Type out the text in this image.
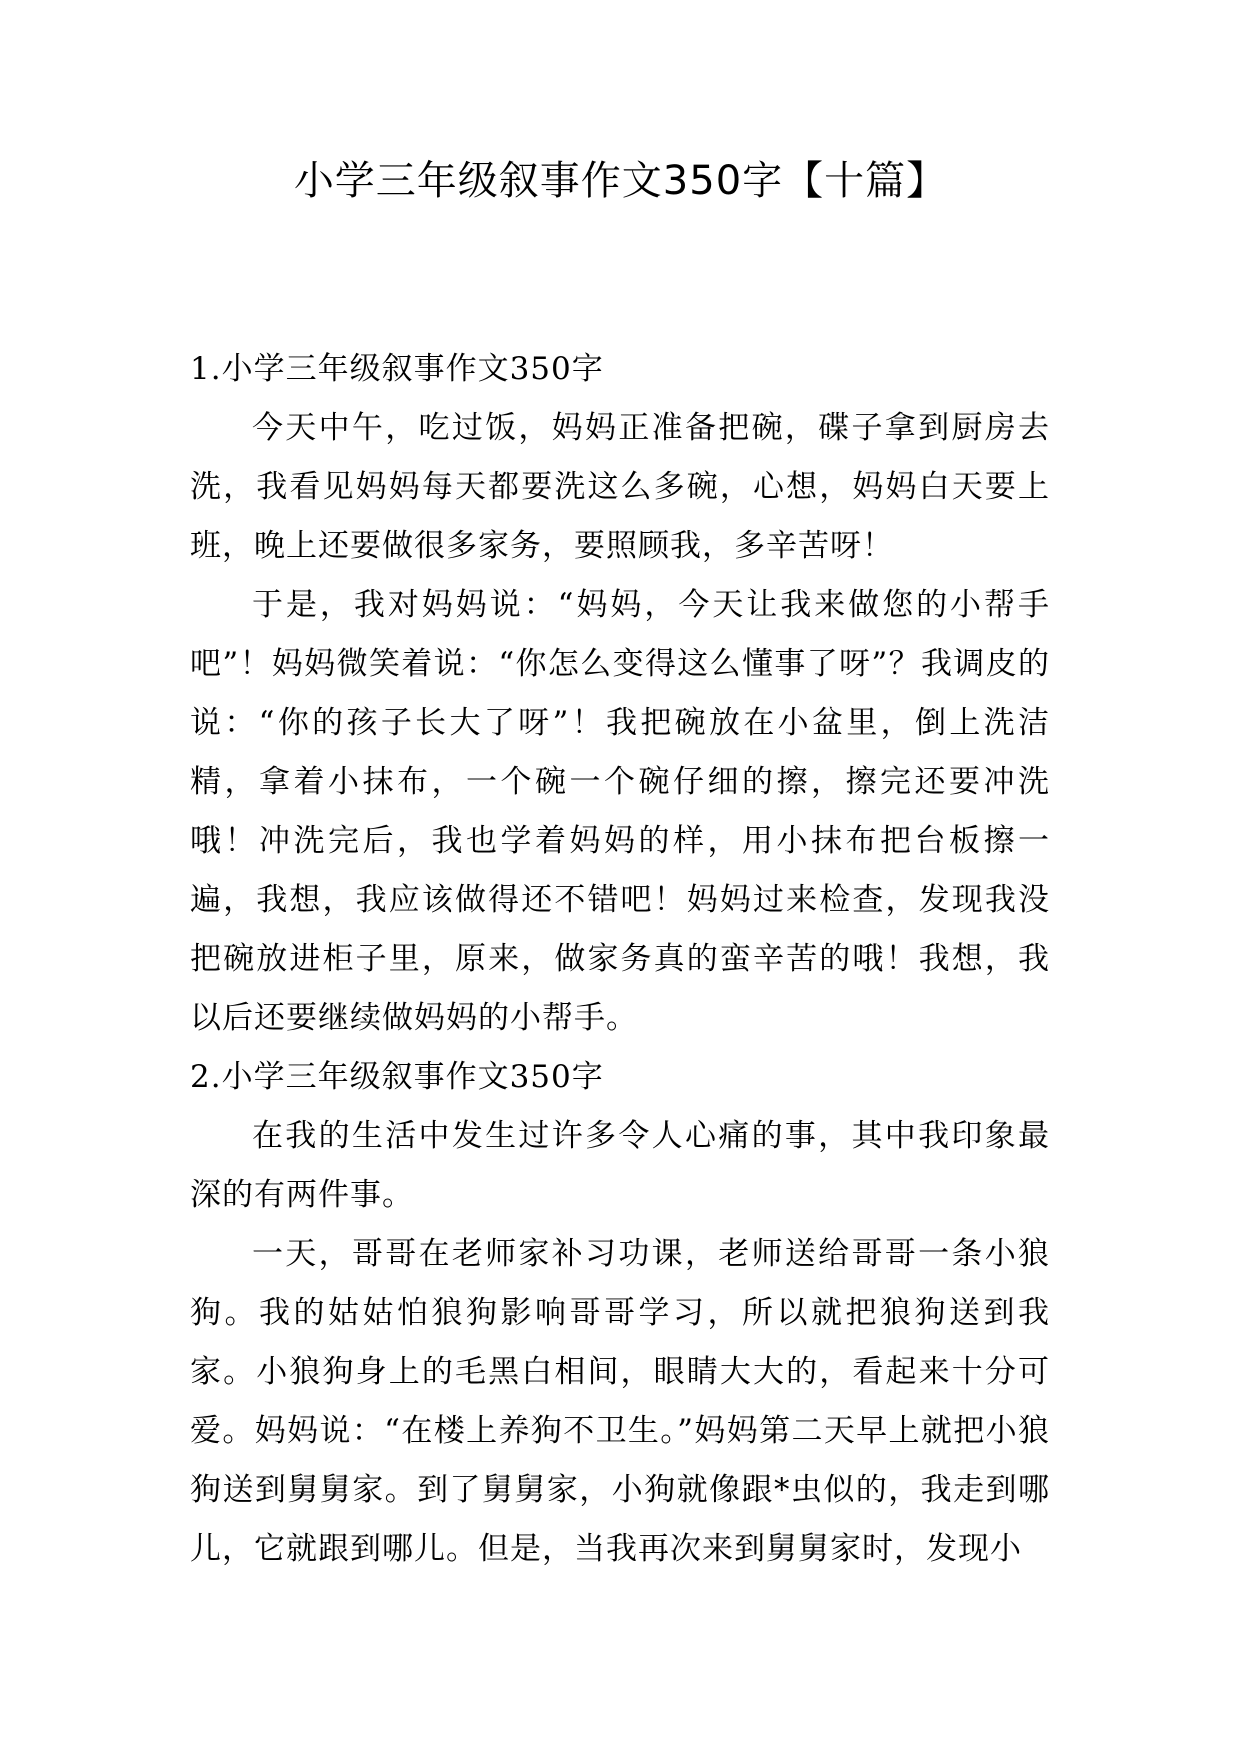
小学三年级叙事作文350字【十篇】

1.小学三年级叙事作文350字

今天中午，吃过饭，妈妈正准备把碗，碟子拿到厨房去洗，我看见妈妈每天都要洗这么多碗，心想，妈妈白天要上班，晚上还要做很多家务，要照顾我，多辛苦呀！

于是，我对妈妈说：“妈妈，今天让我来做您的小帮手吧”！妈妈微笑着说：“你怎么变得这么懂事了呀”？我调皮的说：“你的孩子长大了呀”！我把碗放在小盆里，倒上洗洁精，拿着小抹布，一个碗一个碗仔细的擦，擦完还要冲洗哦！冲洗完后，我也学着妈妈的样，用小抹布把台板擦一遍，我想，我应该做得还不错吧！妈妈过来检查，发现我没把碗放进柜子里，原来，做家务真的蛮辛苦的哦！我想，我以后还要继续做妈妈的小帮手。

2.小学三年级叙事作文350字

在我的生活中发生过许多令人心痛的事，其中我印象最深的有两件事。

一天，哥哥在老师家补习功课，老师送给哥哥一条小狼狗。我的姑姑怕狼狗影响哥哥学习，所以就把狼狗送到我家。小狼狗身上的毛黑白相间，眼睛大大的，看起来十分可爱。妈妈说：“在楼上养狗不卫生。”妈妈第二天早上就把小狼狗送到舅舅家。到了舅舅家，小狗就像跟*虫似的，我走到哪儿，它就跟到哪儿。但是，当我再次来到舅舅家时，发现小
